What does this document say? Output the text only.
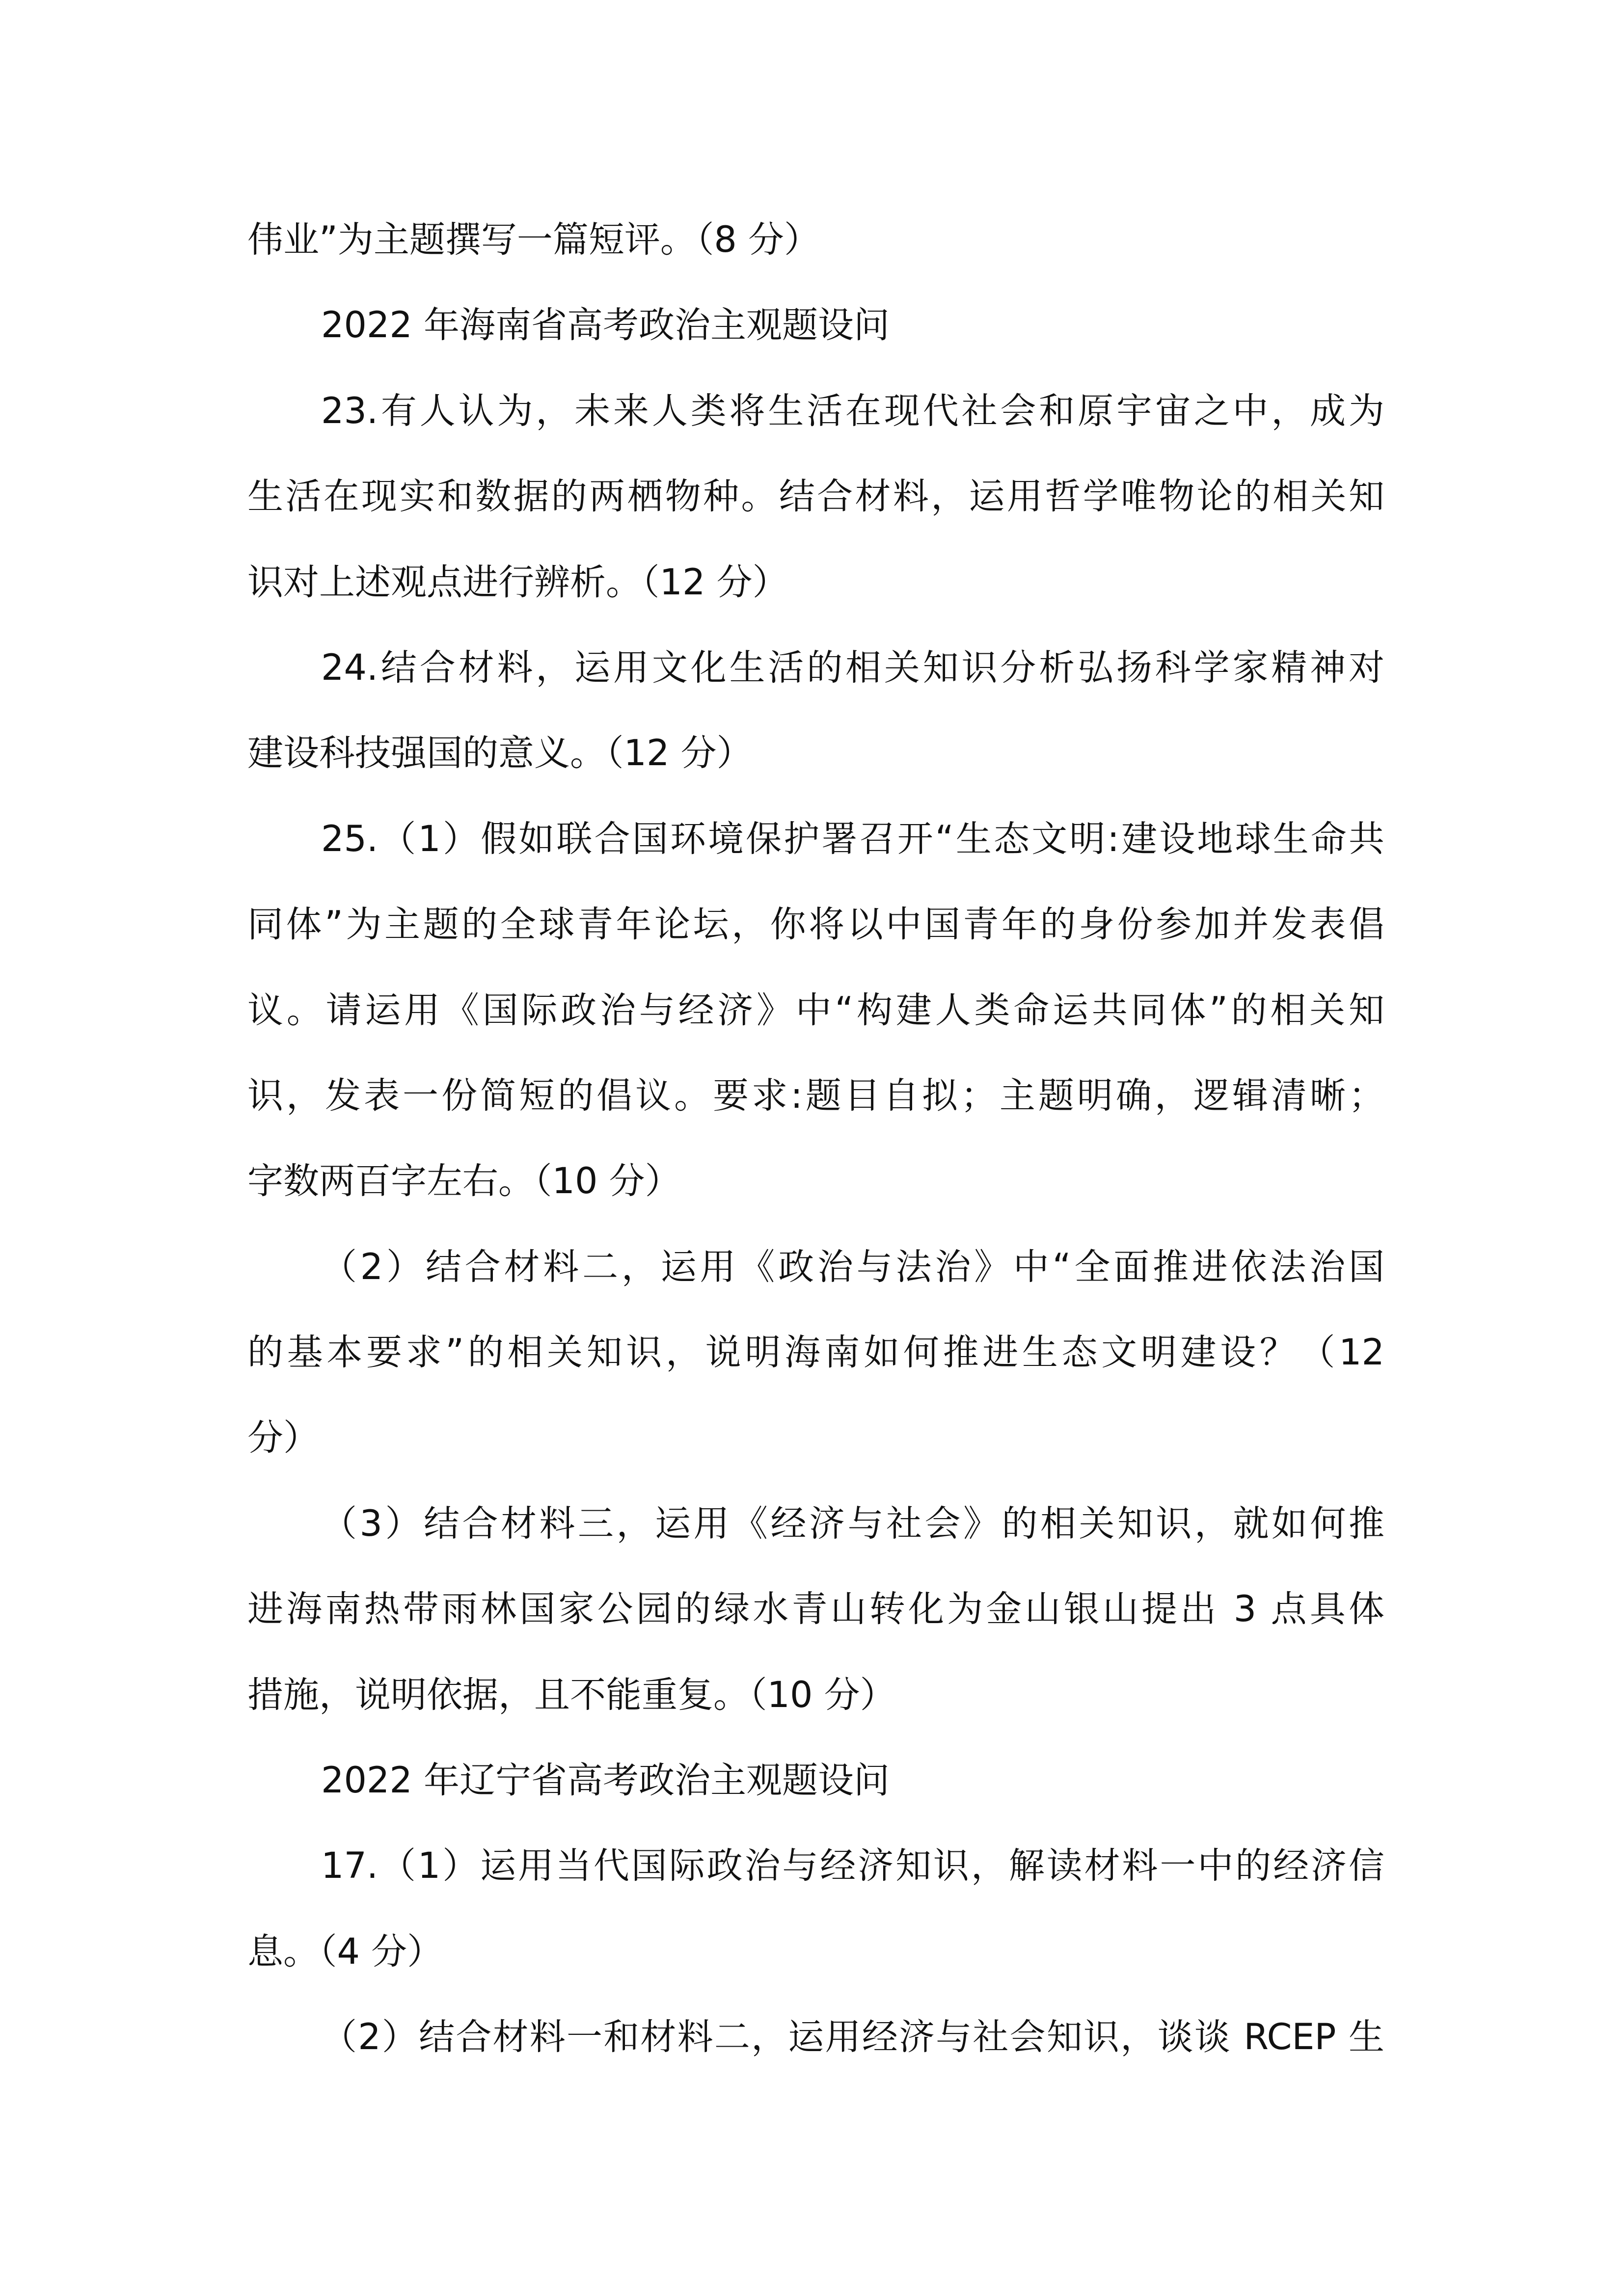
伟业”为主题撰写一篇短评。（8 分）
2022 年海南省高考政治主观题设问
23.有人认为，未来人类将生活在现代社会和原宇宙之中，成为
生活在现实和数据的两栖物种。结合材料，运用哲学唯物论的相关知
识对上述观点进行辨析。（12 分）
24.结合材料，运用文化生活的相关知识分析弘扬科学家精神对
建设科技强国的意义。（12 分）
25.（1）假如联合国环境保护署召开“生态文明:建设地球生命共
同体”为主题的全球青年论坛，你将以中国青年的身份参加并发表倡
议。请运用《国际政治与经济》中“构建人类命运共同体”的相关知
识，发表一份简短的倡议。要求:题目自拟；主题明确，逻辑清晰；
字数两百字左右。（10 分）
（2）结合材料二，运用《政治与法治》中“全面推进依法治国
的基本要求”的相关知识，说明海南如何推进生态文明建设？（12
分）
（3）结合材料三，运用《经济与社会》的相关知识，就如何推
进海南热带雨林国家公园的绿水青山转化为金山银山提出 3 点具体
措施，说明依据，且不能重复。（10 分）
2022 年辽宁省高考政治主观题设问
17.（1）运用当代国际政治与经济知识，解读材料一中的经济信
息。（4 分）
（2）结合材料一和材料二，运用经济与社会知识，谈谈 RCEP 生
